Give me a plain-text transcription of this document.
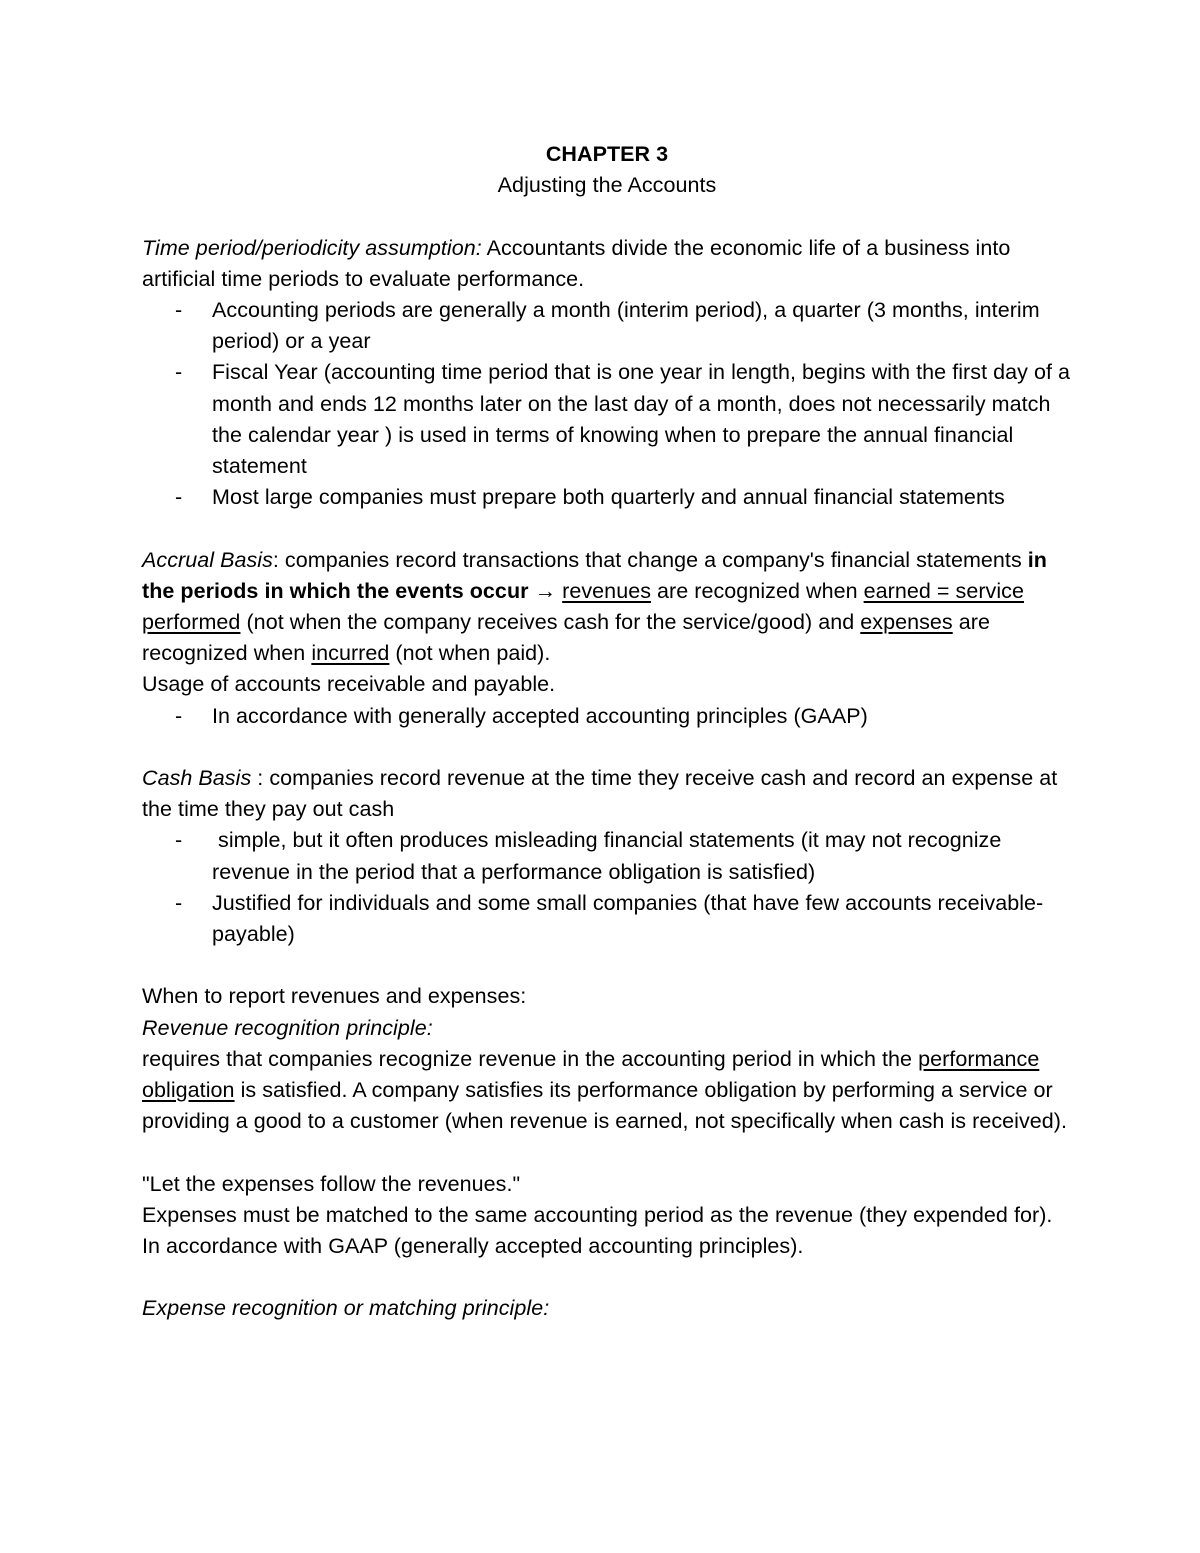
CHAPTER 3
Adjusting the Accounts
Time period/periodicity assumption: Accountants divide the economic life of a business into artificial time periods to evaluate performance.
- Accounting periods are generally a month (interim period), a quarter (3 months, interim period) or a year
- Fiscal Year (accounting time period that is one year in length, begins with the first day of a month and ends 12 months later on the last day of a month, does not necessarily match the calendar year ) is used in terms of knowing when to prepare the annual financial statement
- Most large companies must prepare both quarterly and annual financial statements
Accrual Basis: companies record transactions that change a company's financial statements in the periods in which the events occur → revenues are recognized when earned = service performed (not when the company receives cash for the service/good) and expenses are recognized when incurred (not when paid).
Usage of accounts receivable and payable.
- In accordance with generally accepted accounting principles (GAAP)
Cash Basis : companies record revenue at the time they receive cash and record an expense at the time they pay out cash
-  simple, but it often produces misleading financial statements (it may not recognize revenue in the period that a performance obligation is satisfied)
- Justified for individuals and some small companies (that have few accounts receivable-payable)
When to report revenues and expenses:
Revenue recognition principle:
requires that companies recognize revenue in the accounting period in which the performance obligation is satisfied. A company satisfies its performance obligation by performing a service or providing a good to a customer (when revenue is earned, not specifically when cash is received).
"Let the expenses follow the revenues."
Expenses must be matched to the same accounting period as the revenue (they expended for). In accordance with GAAP (generally accepted accounting principles).
Expense recognition or matching principle:
